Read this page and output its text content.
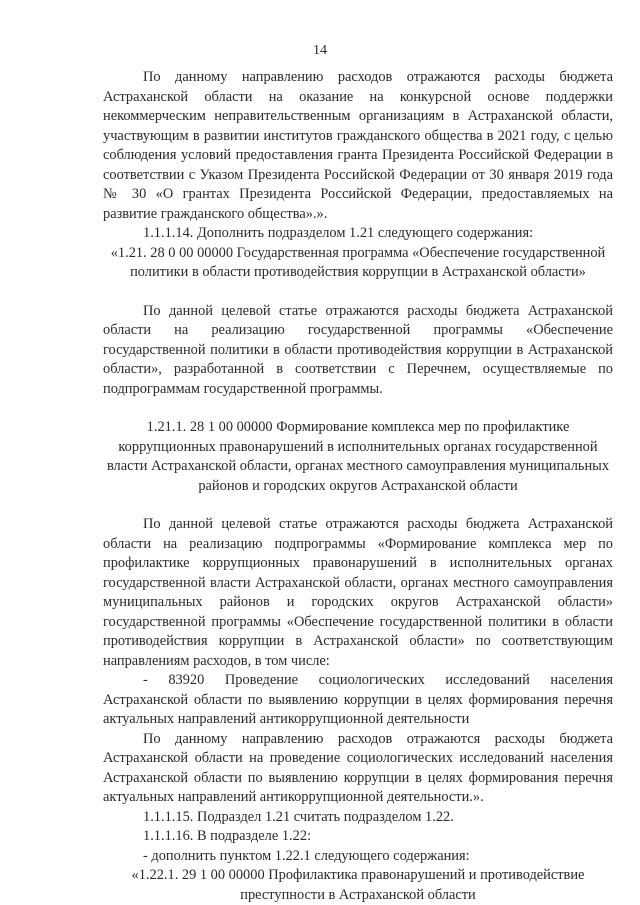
14

По данному направлению расходов отражаются расходы бюджета Астраханской области на оказание на конкурсной основе поддержки некоммерческим неправительственным организациям в Астраханской области, участвующим в развитии институтов гражданского общества в 2021 году, с целью соблюдения условий предоставления гранта Президента Российской Федерации в соответствии с Указом Президента Российской Федерации от 30 января 2019 года № 30 «О грантах Президента Российской Федерации, предоставляемых на развитие гражданского общества».».

1.1.1.14. Дополнить подразделом 1.21 следующего содержания:

«1.21. 28 0 00 00000 Государственная программа «Обеспечение государственной политики в области противодействия коррупции в Астраханской области»

По данной целевой статье отражаются расходы бюджета Астраханской области на реализацию государственной программы «Обеспечение государственной политики в области противодействия коррупции в Астраханской области», разработанной в соответствии с Перечнем, осуществляемые по подпрограммам государственной программы.

1.21.1. 28 1 00 00000 Формирование комплекса мер по профилактике коррупционных правонарушений в исполнительных органах государственной власти Астраханской области, органах местного самоуправления муниципальных районов и городских округов Астраханской области

По данной целевой статье отражаются расходы бюджета Астраханской области на реализацию подпрограммы «Формирование комплекса мер по профилактике коррупционных правонарушений в исполнительных органах государственной власти Астраханской области, органах местного самоуправления муниципальных районов и городских округов Астраханской области» государственной программы «Обеспечение государственной политики в области противодействия коррупции в Астраханской области» по соответствующим направлениям расходов, в том числе:

- 83920 Проведение социологических исследований населения Астраханской области по выявлению коррупции в целях формирования перечня актуальных направлений антикоррупционной деятельности

По данному направлению расходов отражаются расходы бюджета Астраханской области на проведение социологических исследований населения Астраханской области по выявлению коррупции в целях формирования перечня актуальных направлений антикоррупционной деятельности.».

1.1.1.15. Подраздел 1.21 считать подразделом 1.22.

1.1.1.16. В подразделе 1.22:

- дополнить пунктом 1.22.1 следующего содержания:

«1.22.1. 29 1 00 00000 Профилактика правонарушений и противодействие преступности в Астраханской области
